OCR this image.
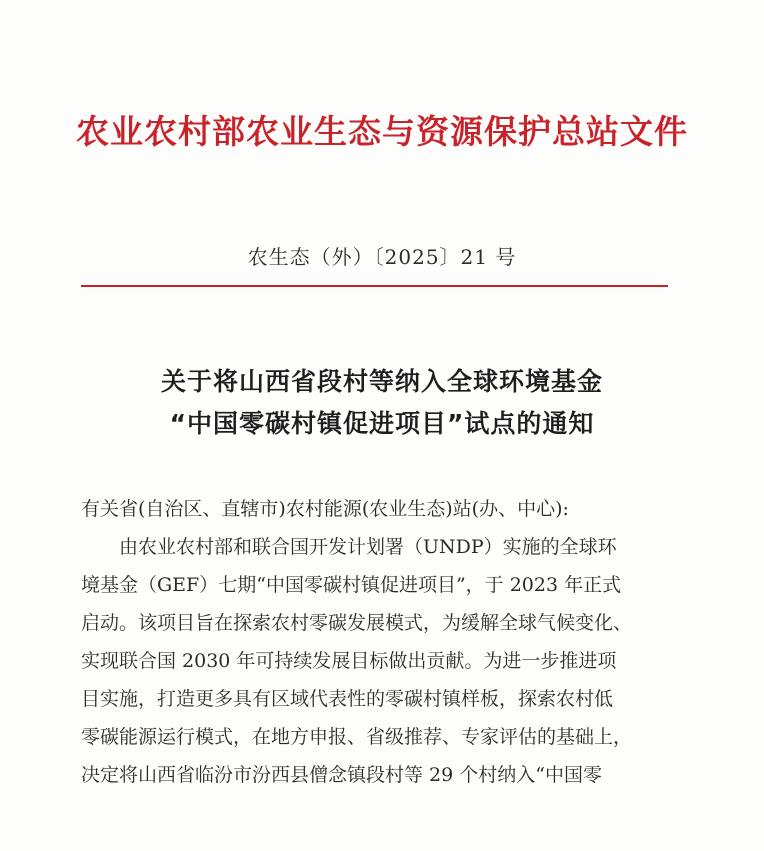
农业农村部农业生态与资源保护总站文件
农生态（外）〔2025〕21 号
关于将山西省段村等纳入全球环境基金
“中国零碳村镇促进项目”试点的通知
有关省(自治区、直辖市)农村能源(农业生态)站(办、中心):
　　由农业农村部和联合国开发计划署（UNDP）实施的全球环
境基金（GEF）七期“中国零碳村镇促进项目”，于 2023 年正式
启动。该项目旨在探索农村零碳发展模式，为缓解全球气候变化、
实现联合国 2030 年可持续发展目标做出贡献。为进一步推进项
目实施，打造更多具有区域代表性的零碳村镇样板，探索农村低
零碳能源运行模式，在地方申报、省级推荐、专家评估的基础上，
决定将山西省临汾市汾西县僧念镇段村等 29 个村纳入“中国零
